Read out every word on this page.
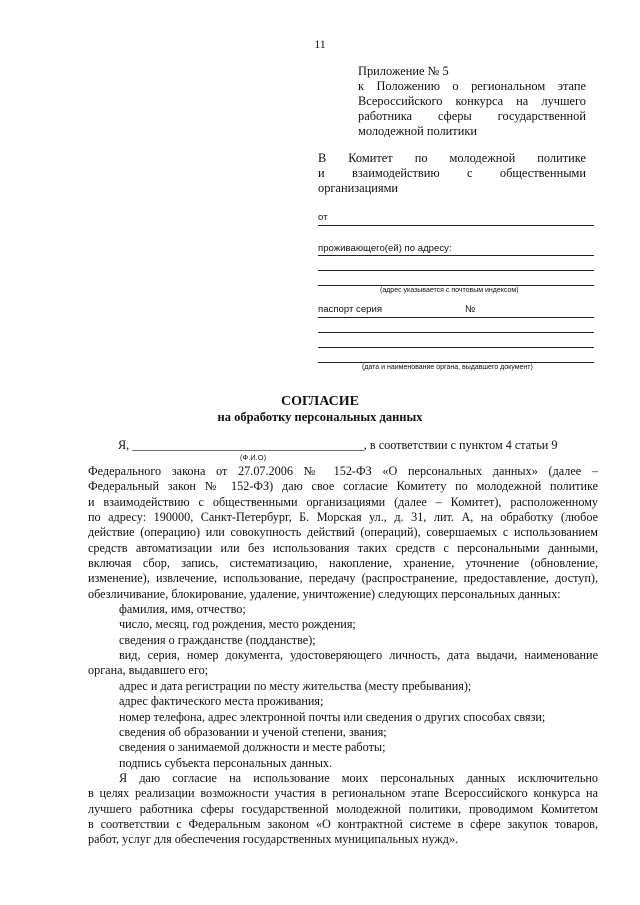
11
Приложение № 5
к Положению о региональном этапе
Всероссийского конкурса на лучшего
работника сферы государственной
молодежной политики
В Комитет по молодежной политике
и взаимодействию с общественными
организациями
от
проживающего(ей) по адресу:
(адрес указывается с почтовым индексом)
паспорт серия	№
(дата и наименование органа, выдавшего документ)
СОГЛАСИЕ
на обработку персональных данных
Я, ______________________________________, в соответствии с пунктом 4 статьи 9
(Ф.И.О)
Федерального закона от 27.07.2006 № 152-ФЗ «О персональных данных» (далее –
Федеральный закон № 152-ФЗ) даю свое согласие Комитету по молодежной политике
и взаимодействию с общественными организациями (далее – Комитет), расположенному
по адресу: 190000, Санкт-Петербург, Б. Морская ул., д. 31, лит. А, на обработку (любое
действие (операцию) или совокупность действий (операций), совершаемых с использованием
средств автоматизации или без использования таких средств с персональными данными,
включая сбор, запись, систематизацию, накопление, хранение, уточнение (обновление,
изменение), извлечение, использование, передачу (распространение, предоставление, доступ),
обезличивание, блокирование, удаление, уничтожение) следующих персональных данных:
фамилия, имя, отчество;
число, месяц, год рождения, место рождения;
сведения о гражданстве (подданстве);
вид, серия, номер документа, удостоверяющего личность, дата выдачи, наименование
органа, выдавшего его;
адрес и дата регистрации по месту жительства (месту пребывания);
адрес фактического места проживания;
номер телефона, адрес электронной почты или сведения о других способах связи;
сведения об образовании и ученой степени, звания;
сведения о занимаемой должности и месте работы;
подпись субъекта персональных данных.
Я даю согласие на использование моих персональных данных исключительно
в целях реализации возможности участия в региональном этапе Всероссийского конкурса на
лучшего работника сферы государственной молодежной политики, проводимом Комитетом
в соответствии с Федеральным законом «О контрактной системе в сфере закупок товаров,
работ, услуг для обеспечения государственных муниципальных нужд».
